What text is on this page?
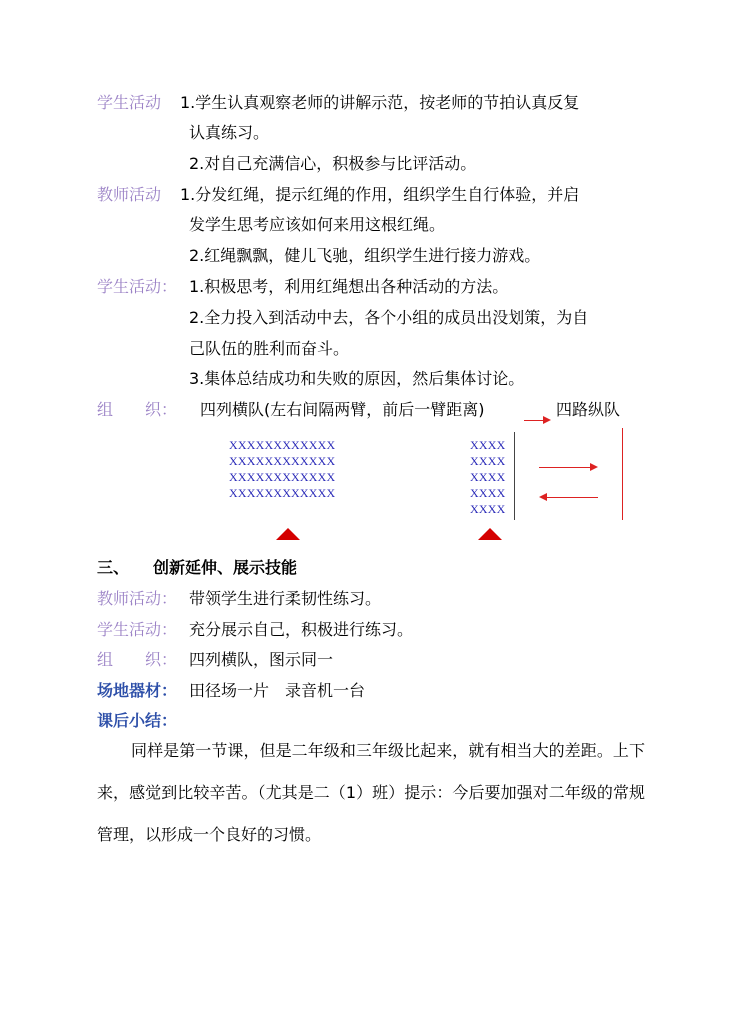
学生活动 1.学生认真观察老师的讲解示范，按老师的节拍认真反复
认真练习。
2.对自己充满信心，积极参与比评活动。
教师活动 1.分发红绳，提示红绳的作用，组织学生自行体验，并启
发学生思考应该如何来用这根红绳。
2.红绳飘飘，健儿飞驰，组织学生进行接力游戏。
学生活动： 1.积极思考，利用红绳想出各种活动的方法。
2.全力投入到活动中去，各个小组的成员出没划策，为自
己队伍的胜利而奋斗。
3.集体总结成功和失败的原因，然后集体讨论。
组　　织： 四列横队(左右间隔两臂，前后一臂距离)	四路纵队
XXXXXXXXXXXX
XXXXXXXXXXXX
XXXXXXXXXXXX
XXXXXXXXXXXX
XXXX
XXXX
XXXX
XXXX
XXXX
三、 创新延伸、展示技能
教师活动： 带领学生进行柔韧性练习。
学生活动： 充分展示自己，积极进行练习。
组　　织： 四列横队，图示同一
场地器材： 田径场一片　录音机一台
课后小结：
同样是第一节课，但是二年级和三年级比起来，就有相当大的差距。上下来，感觉到比较辛苦。（尤其是二（1）班）提示：今后要加强对二年级的常规管理，以形成一个良好的习惯。
